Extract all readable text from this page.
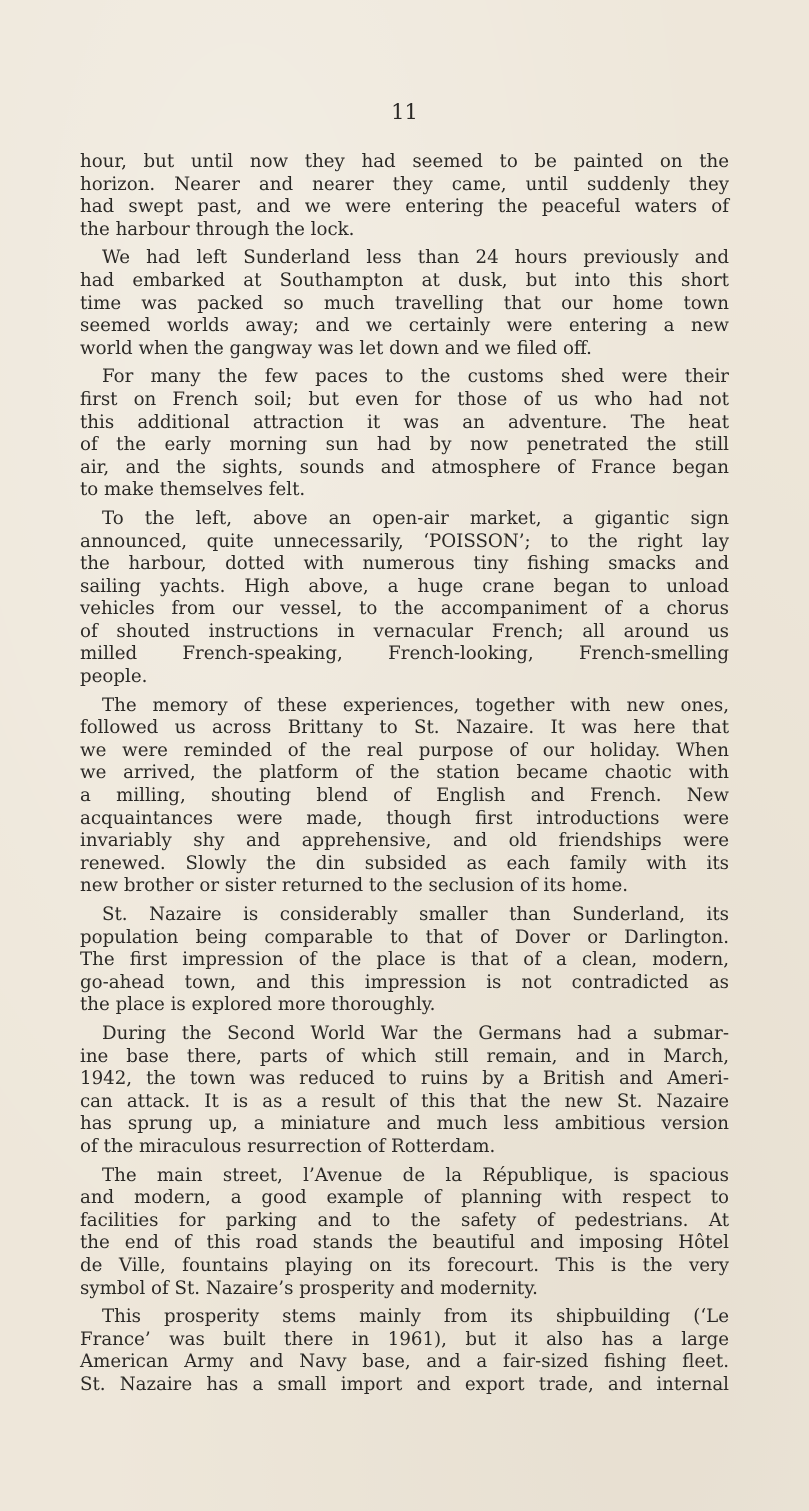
11
hour, but until now they had seemed to be painted on the
horizon. Nearer and nearer they came, until suddenly they
had swept past, and we were entering the peaceful waters of
the harbour through the lock.
We had left Sunderland less than 24 hours previously and
had embarked at Southampton at dusk, but into this short
time was packed so much travelling that our home town
seemed worlds away; and we certainly were entering a new
world when the gangway was let down and we filed off.
For many the few paces to the customs shed were their
first on French soil; but even for those of us who had not
this additional attraction it was an adventure. The heat
of the early morning sun had by now penetrated the still
air, and the sights, sounds and atmosphere of France began
to make themselves felt.
To the left, above an open-air market, a gigantic sign
announced, quite unnecessarily, ‘POISSON’; to the right lay
the harbour, dotted with numerous tiny fishing smacks and
sailing yachts. High above, a huge crane began to unload
vehicles from our vessel, to the accompaniment of a chorus
of shouted instructions in vernacular French; all around us
milled French-speaking, French-looking, French-smelling
people.
The memory of these experiences, together with new ones,
followed us across Brittany to St. Nazaire. It was here that
we were reminded of the real purpose of our holiday. When
we arrived, the platform of the station became chaotic with
a milling, shouting blend of English and French. New
acquaintances were made, though first introductions were
invariably shy and apprehensive, and old friendships were
renewed. Slowly the din subsided as each family with its
new brother or sister returned to the seclusion of its home.
St. Nazaire is considerably smaller than Sunderland, its
population being comparable to that of Dover or Darlington.
The first impression of the place is that of a clean, modern,
go-ahead town, and this impression is not contradicted as
the place is explored more thoroughly.
During the Second World War the Germans had a submar-
ine base there, parts of which still remain, and in March,
1942, the town was reduced to ruins by a British and Ameri-
can attack. It is as a result of this that the new St. Nazaire
has sprung up, a miniature and much less ambitious version
of the miraculous resurrection of Rotterdam.
The main street, l’Avenue de la République, is spacious
and modern, a good example of planning with respect to
facilities for parking and to the safety of pedestrians. At
the end of this road stands the beautiful and imposing Hôtel
de Ville, fountains playing on its forecourt. This is the very
symbol of St. Nazaire’s prosperity and modernity.
This prosperity stems mainly from its shipbuilding (‘Le
France’ was built there in 1961), but it also has a large
American Army and Navy base, and a fair-sized fishing fleet.
St. Nazaire has a small import and export trade, and internal
